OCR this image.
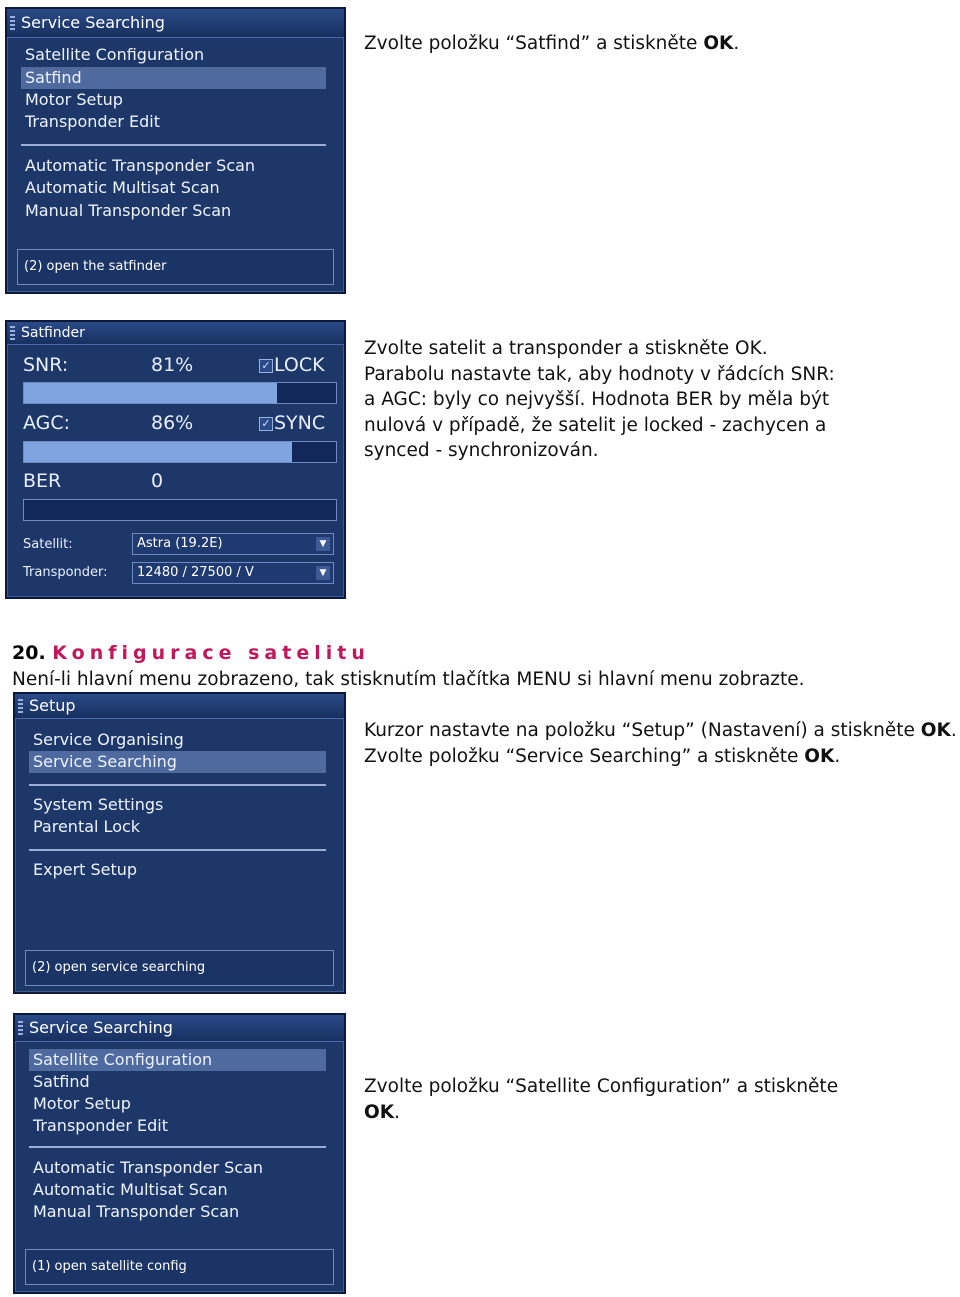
Service Searching
Satellite Configuration
Satfind
Motor Setup
Transponder Edit
Automatic Transponder Scan
Automatic Multisat Scan
Manual Transponder Scan
(2) open the satfinder
Zvolte položku “Satfind” a stiskněte OK.
Satfinder
SNR:	81%	✓ LOCK
AGC:	86%	✓ SYNC
BER	0
Satellit:	Astra (19.2E)	▼
Transponder:	12480 / 27500 / V	▼
Zvolte satelit a transponder a stiskněte OK.
Parabolu nastavte tak, aby hodnoty v řádcích SNR:
a AGC: byly co nejvyšší. Hodnota BER by měla být
nulová v případě, že satelit je locked - zachycen a
synced - synchronizován.
20. Konfigurace satelitu
Není-li hlavní menu zobrazeno, tak stisknutím tlačítka MENU si hlavní menu zobrazte.
Setup
Service Organising
Service Searching
System Settings
Parental Lock
Expert Setup
(2) open service searching
Kurzor nastavte na položku “Setup” (Nastavení) a stiskněte OK.
Zvolte položku “Service Searching” a stiskněte OK.
Service Searching
Satellite Configuration
Satfind
Motor Setup
Transponder Edit
Automatic Transponder Scan
Automatic Multisat Scan
Manual Transponder Scan
(1) open satellite config
Zvolte položku “Satellite Configuration” a stiskněte
OK.
